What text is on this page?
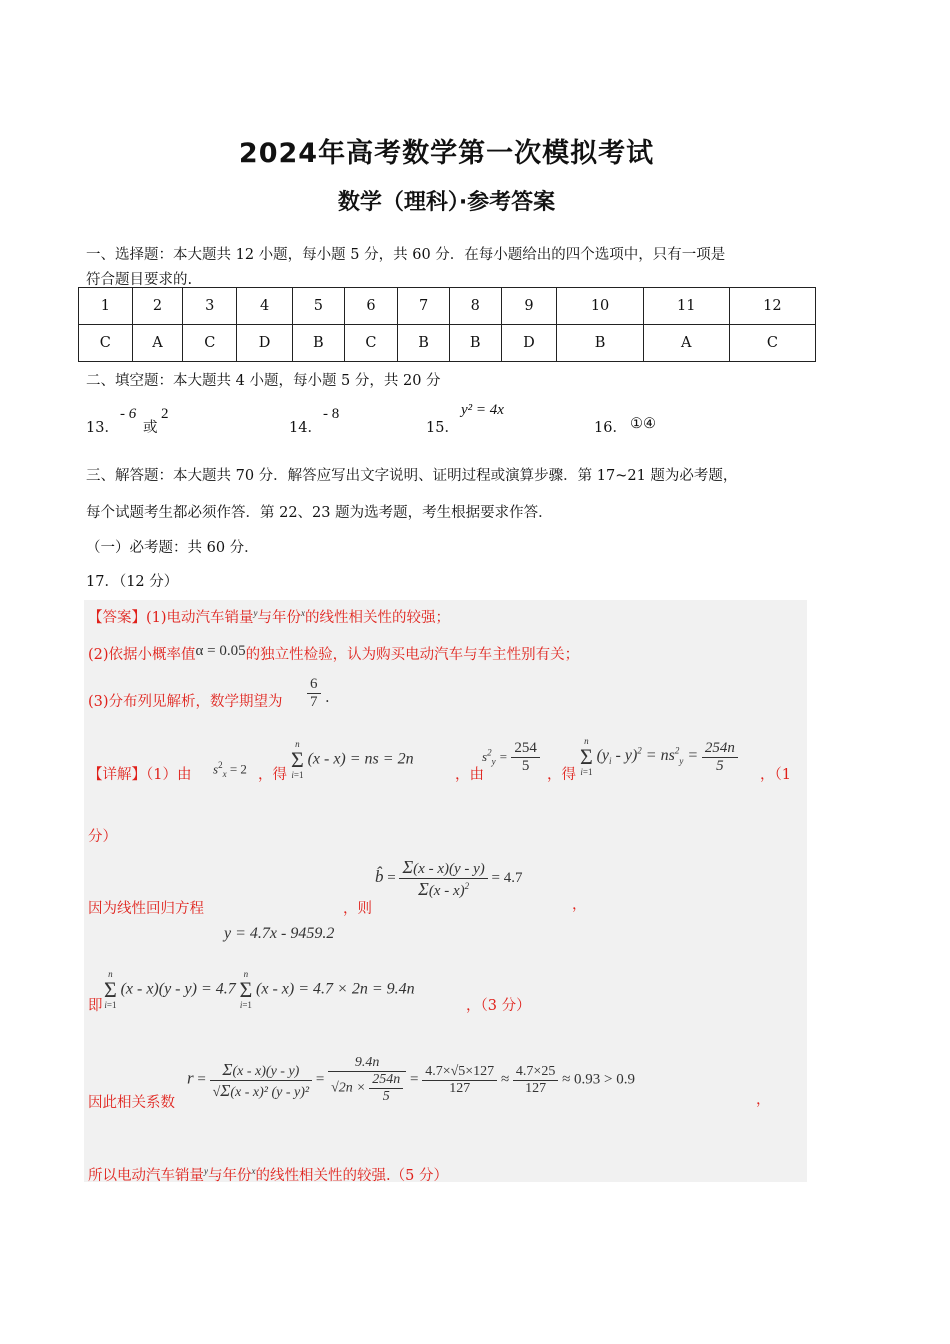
2024年高考数学第一次模拟考试
数学（理科）·参考答案
一、选择题：本大题共 12 小题，每小题 5 分，共 60 分．在每小题给出的四个选项中，只有一项是
符合题目要求的.
1	2	3	4	5	6	7	8	9	10	11	12
C	A	C	D	B	C	B	B	D	B	A	C
二、填空题：本大题共 4 小题，每小题 5 分，共 20 分
13．
- 6
或
2
14．
- 8
15．
y² = 4x
16． ①④
三、解答题：本大题共 70 分．解答应写出文字说明、证明过程或演算步骤．第 17~21 题为必考题，
每个试题考生都必须作答．第 22、23 题为选考题，考生根据要求作答．
（一）必考题：共 60 分．
17．（12 分）
【答案】(1)电动汽车销量$^y$与年份$^x$的线性相关性的较强；
(2)依据小概率值α = 0.05的独立性检验，认为购买电动汽车与车主性别有关；
(3)分布列见解析，数学期望为 $\frac{6}{7}$ .
【详解】（1）由 $s^2_x = 2$ ，得
n
Σ
i=1 (x - x) = ns = 2n
，由
$s^2_y = \frac{254}{5}$ ，得
n
Σ
i=1 $(y_i - y)^2 = ns^2_y = \frac{254n}{5}$
，（1
分）
因为线性回归方程
y = 4.7x - 9459.2
，则
b̂ = $\frac{\Sigma(x - x)(y - y)}{\Sigma(x - x)^2} = 4.7$
，
即
n
Σ
i=1 (x - x)(y - y) = 4.7 n
Σ
i=1 (x - x) = 4.7 × 2n = 9.4n
，（3 分）
因此相关系数
$r = \frac{\Sigma(x - x)(y - y)}{\text{√Σ(x - x)² (y - y)²}} = \frac{9.4n}{√2n \times \frac{254n}{5}} = \frac{4.7\times√5\times 127}{127} \approx \frac{4.7\times 25}{127} \approx 0.93 > 0.9$
，
所以电动汽车销量$^y$与年份$^x$的线性相关性的较强.（5 分）
